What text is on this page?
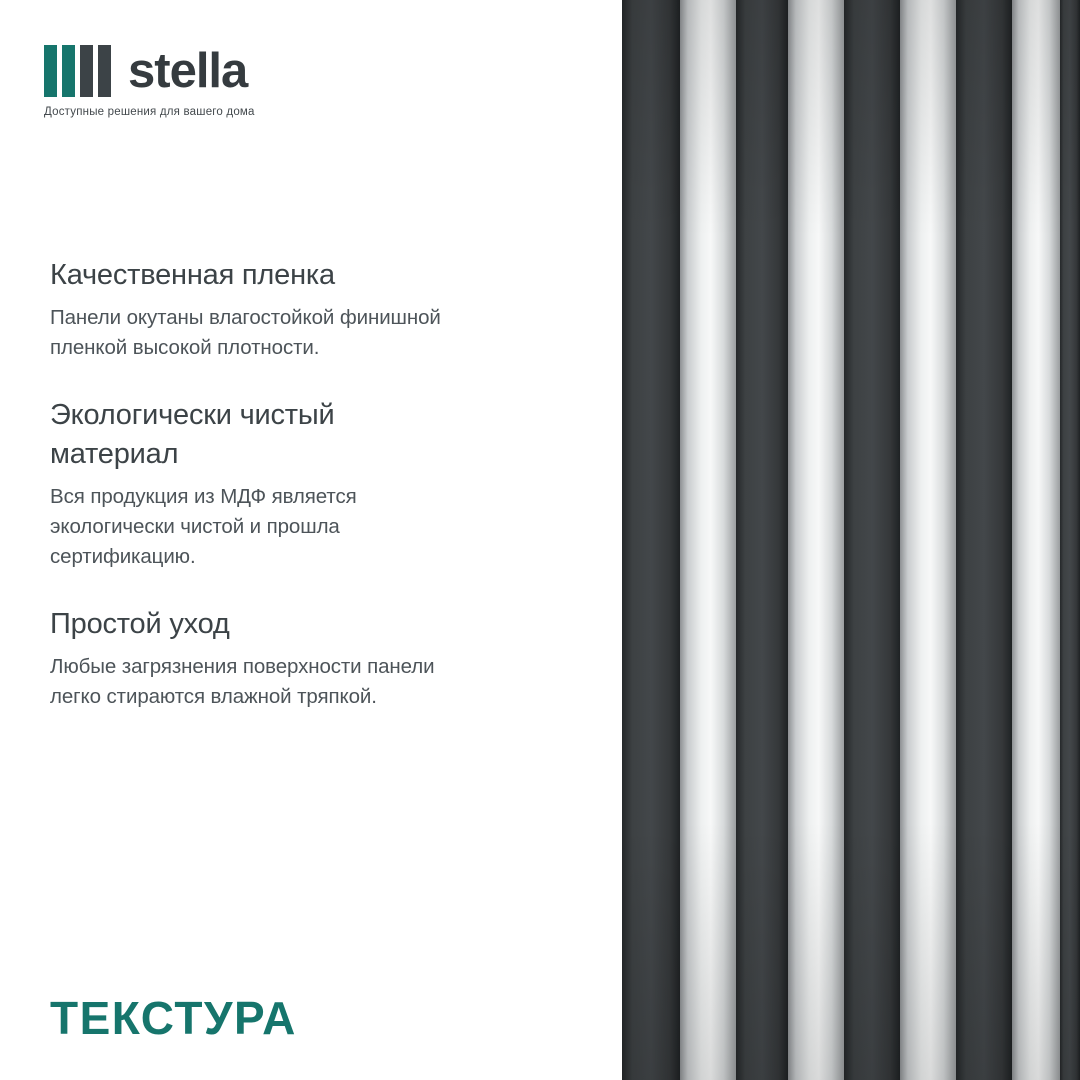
stella
Доступные решения для вашего дома
Качественная пленка

Панели окутаны влагостойкой финишной пленкой высокой плотности.

Экологически чистый материал

Вся продукция из МДФ является экологически чистой и прошла сертификацию.

Простой уход

Любые загрязнения поверхности панели легко стираются влажной тряпкой.

ТЕКСТУРА
